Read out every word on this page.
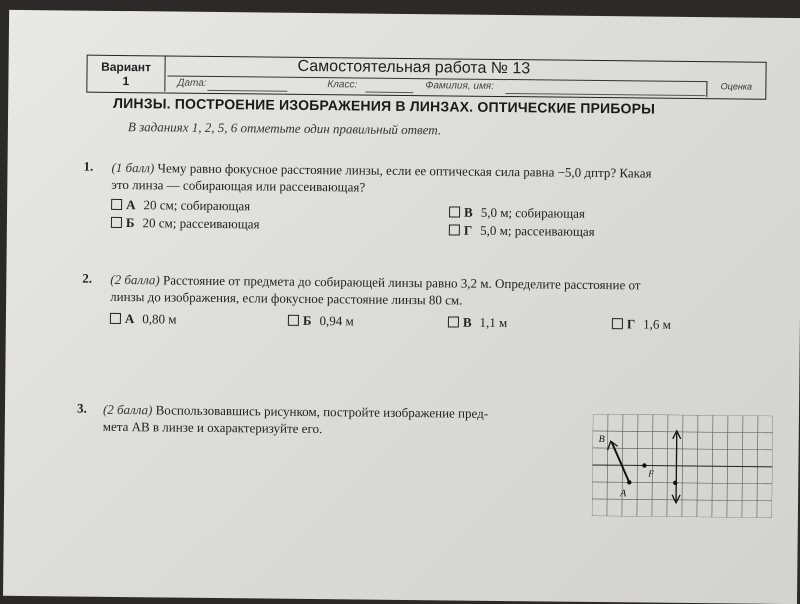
Вариант
1
Самостоятельная работа № 13
Дата:	Класс:	Фамилия, имя:	Оценка
ЛИНЗЫ. ПОСТРОЕНИЕ ИЗОБРАЖЕНИЯ В ЛИНЗАХ. ОПТИЧЕСКИЕ ПРИБОРЫ
В заданиях 1, 2, 5, 6 отметьте один правильный ответ.
1. (1 балл) Чему равно фокусное расстояние линзы, если ее оптическая сила равна −5,0 дптр? Какая
это линза — собирающая или рассеивающая?
А 20 см; собирающая
Б 20 см; рассеивающая
В 5,0 м; собирающая
Г 5,0 м; рассеивающая
2. (2 балла) Расстояние от предмета до собирающей линзы равно 3,2 м. Определите расстояние от
линзы до изображения, если фокусное расстояние линзы 80 см.
А 0,80 м	Б 0,94 м	В 1,1 м	Г 1,6 м
3. (2 балла) Воспользовавшись рисунком, постройте изображение пред-
мета AB в линзе и охарактеризуйте его.
B
A
F
